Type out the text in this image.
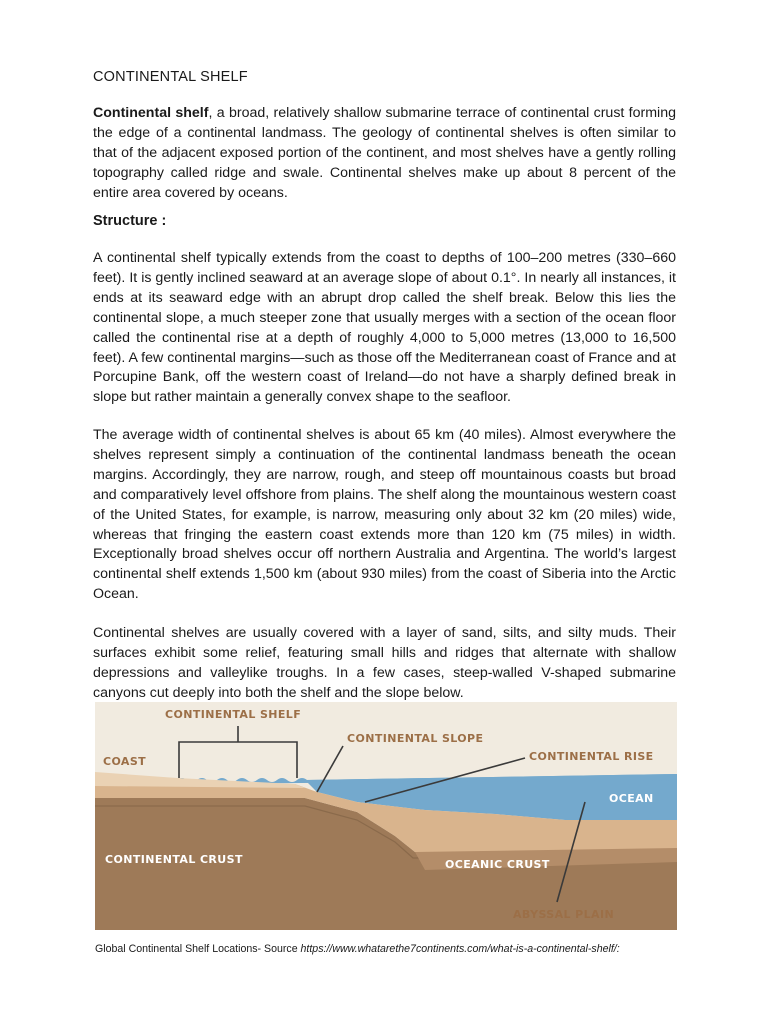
CONTINENTAL SHELF

Continental shelf, a broad, relatively shallow submarine terrace of continental crust forming the edge of a continental landmass. The geology of continental shelves is often similar to that of the adjacent exposed portion of the continent, and most shelves have a gently rolling topography called ridge and swale. Continental shelves make up about 8 percent of the entire area covered by oceans.

Structure :

A continental shelf typically extends from the coast to depths of 100–200 metres (330–660 feet). It is gently inclined seaward at an average slope of about 0.1°. In nearly all instances, it ends at its seaward edge with an abrupt drop called the shelf break. Below this lies the continental slope, a much steeper zone that usually merges with a section of the ocean floor called the continental rise at a depth of roughly 4,000 to 5,000 metres (13,000 to 16,500 feet). A few continental margins—such as those off the Mediterranean coast of France and at Porcupine Bank, off the western coast of Ireland—do not have a sharply defined break in slope but rather maintain a generally convex shape to the seafloor.

The average width of continental shelves is about 65 km (40 miles). Almost everywhere the shelves represent simply a continuation of the continental landmass beneath the ocean margins. Accordingly, they are narrow, rough, and steep off mountainous coasts but broad and comparatively level offshore from plains. The shelf along the mountainous western coast of the United States, for example, is narrow, measuring only about 32 km (20 miles) wide, whereas that fringing the eastern coast extends more than 120 km (75 miles) in width. Exceptionally broad shelves occur off northern Australia and Argentina. The world’s largest continental shelf extends 1,500 km (about 930 miles) from the coast of Siberia into the Arctic Ocean.

Continental shelves are usually covered with a layer of sand, silts, and silty muds. Their surfaces exhibit some relief, featuring small hills and ridges that alternate with shallow depressions and valleylike troughs. In a few cases, steep-walled V-shaped submarine canyons cut deeply into both the shelf and the slope below.

CONTINENTAL SHELF
COAST
CONTINENTAL SLOPE
CONTINENTAL RISE
OCEAN
CONTINENTAL CRUST	OCEANIC CRUST
ABYSSAL PLAIN
Global Continental Shelf Locations- Source https://www.whatarethe7continents.com/what-is-a-continental-shelf/:
